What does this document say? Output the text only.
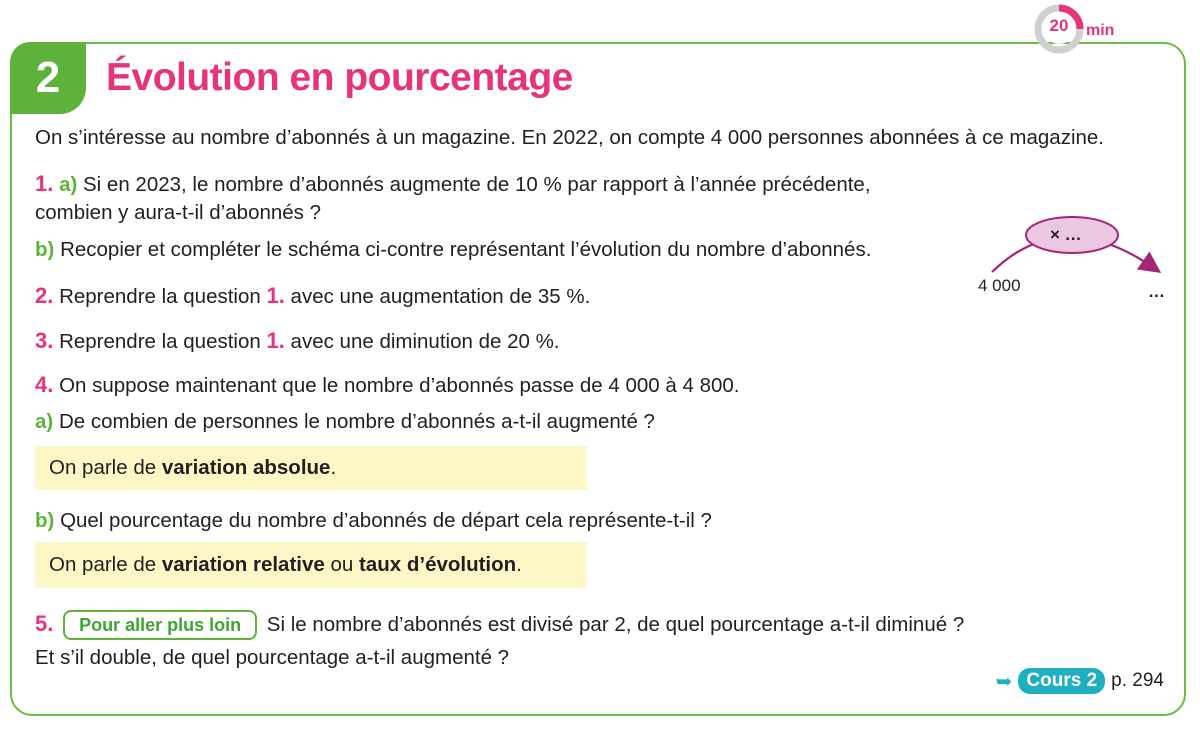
2	Évolution en pourcentage
20	min
On s’intéresse au nombre d’abonnés à un magazine. En 2022, on compte 4 000 personnes abonnées à ce magazine.
1. a) Si en 2023, le nombre d’abonnés augmente de 10 % par rapport à l’année précédente,
combien y aura-t-il d’abonnés ?
b) Recopier et compléter le schéma ci-contre représentant l’évolution du nombre d’abonnés.
2. Reprendre la question 1. avec une augmentation de 35 %.
3. Reprendre la question 1. avec une diminution de 20 %.
4. On suppose maintenant que le nombre d’abonnés passe de 4 000 à 4 800.
a) De combien de personnes le nombre d’abonnés a-t-il augmenté ?
On parle de
variation absolue .
b) Quel pourcentage du nombre d’abonnés de départ cela représente-t-il ?
On parle de
variation relative
ou
taux d’évolution .
5. Pour aller plus loin Si le nombre d’abonnés est divisé par 2, de quel pourcentage a-t-il diminué ?
Et s’il double, de quel pourcentage a-t-il augmenté ?
× …
4 000	…
➥ Cours 2 p. 294
